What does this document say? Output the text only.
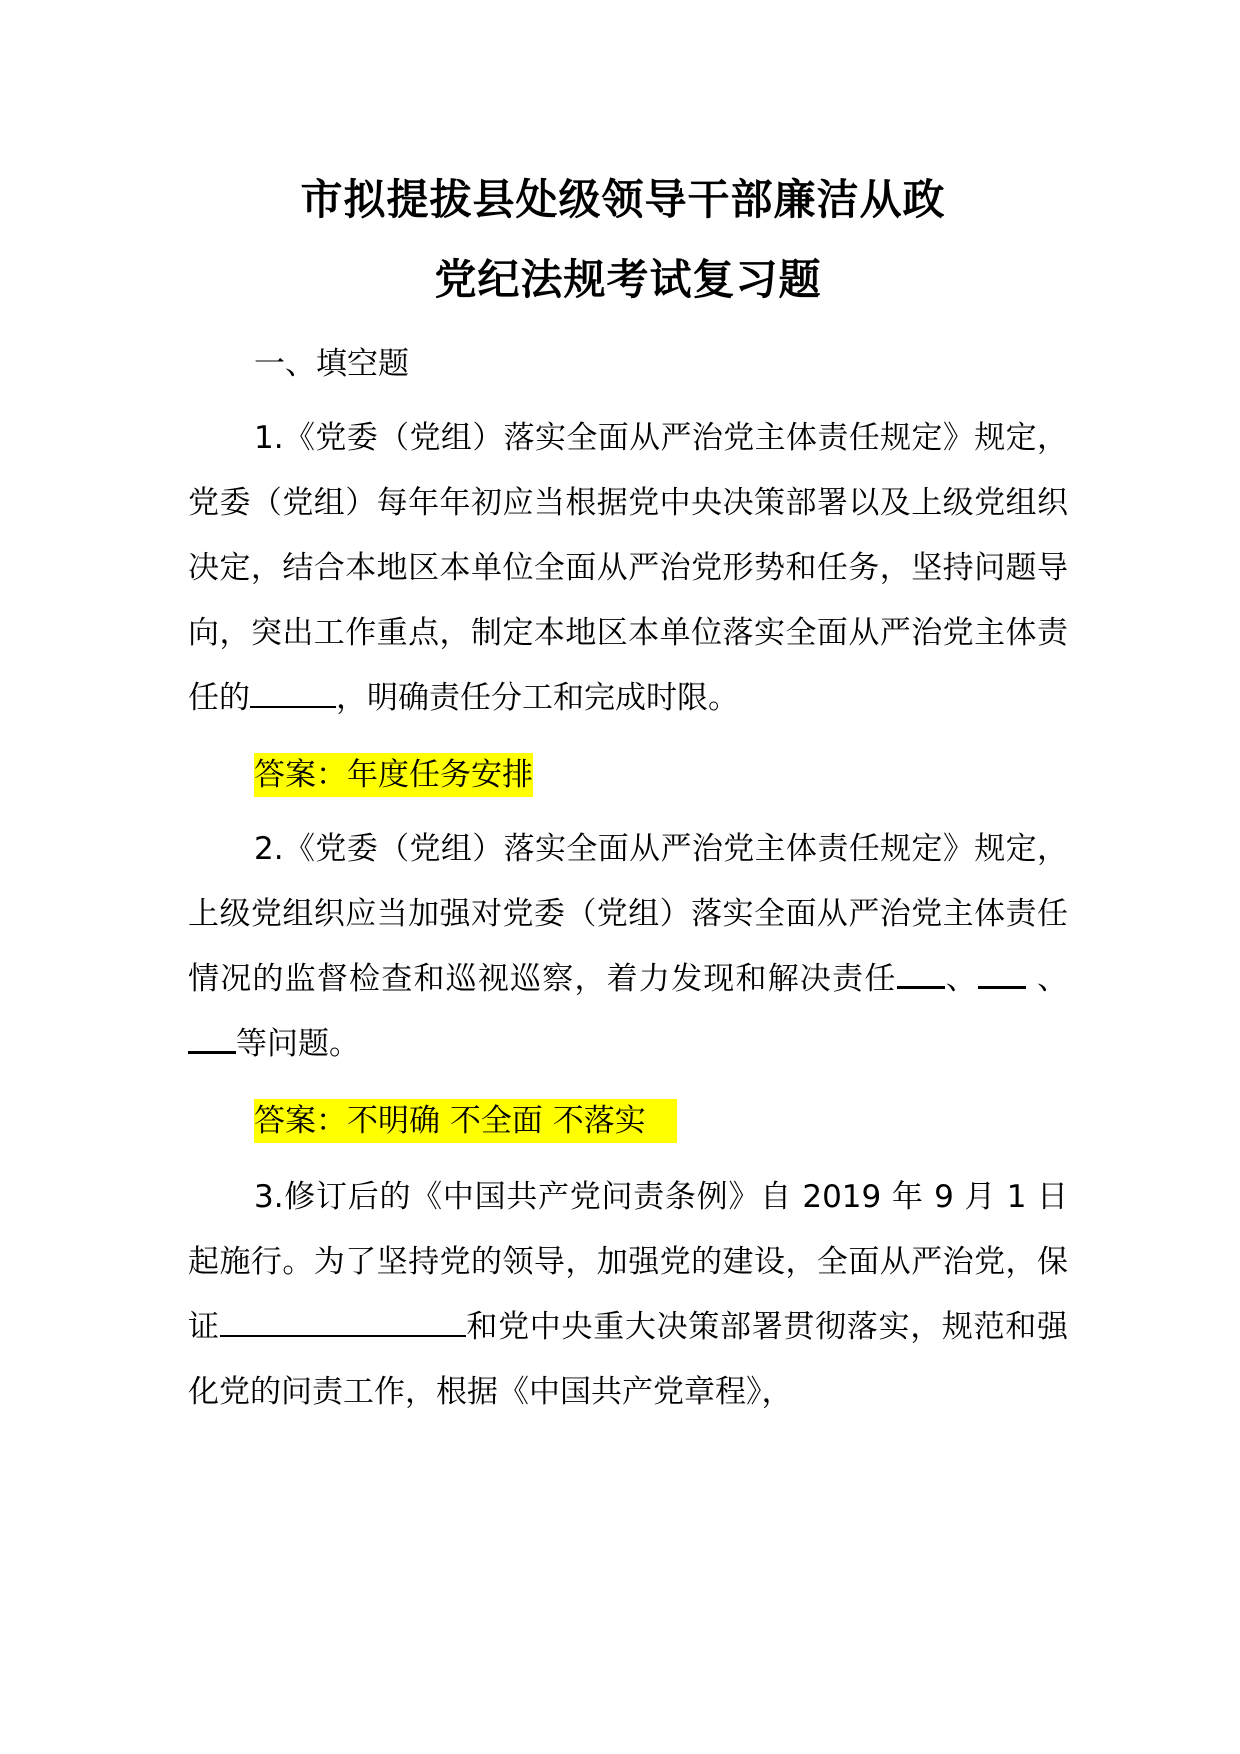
市拟提拔县处级领导干部廉洁从政
党纪法规考试复习题
一、填空题
1.《党委（党组）落实全面从严治党主体责任规定》规定，党委（党组）每年年初应当根据党中央决策部署以及上级党组织决定，结合本地区本单位全面从严治党形势和任务，坚持问题导向，突出工作重点，制定本地区本单位落实全面从严治党主体责任的	，明确责任分工和完成时限。
答案：年度任务安排
2.《党委（党组）落实全面从严治党主体责任规定》规定，上级党组织应当加强对党委（党组）落实全面从严治党主体责任情况的监督检查和巡视巡察，着力发现和解决责任 、 、等问题。
答案：不明确 不全面 不落实　
3.修订后的《中国共产党问责条例》自 2019 年 9 月 1 日起施行。为了坚持党的领导，加强党的建设，全面从严治党，保证	和党中央重大决策部署贯彻落实，规范和强化党的问责工作，根据《中国共产党章程》，
